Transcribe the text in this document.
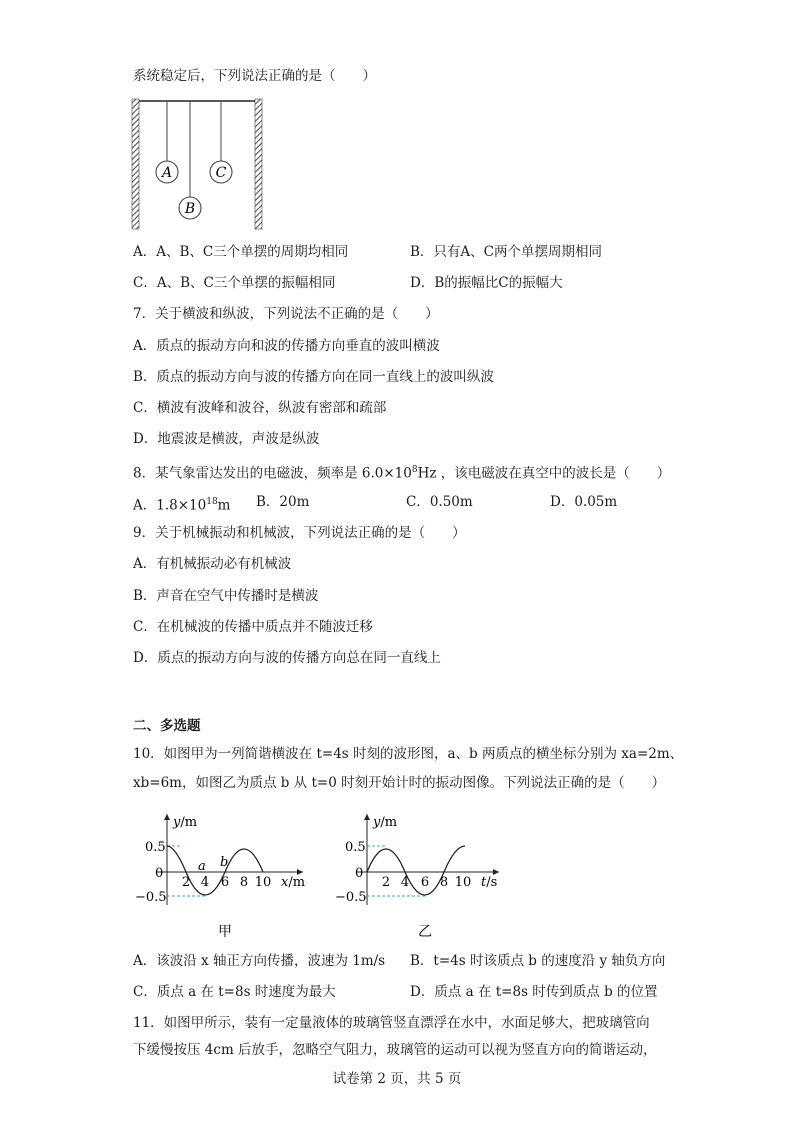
系统稳定后，下列说法正确的是（　　）
A
B
C
A．A、B、C三个单摆的周期均相同	B．只有A、C两个单摆周期相同
C．A、B、C三个单摆的振幅相同	D．B的振幅比C的振幅大
7．关于横波和纵波，下列说法不正确的是（　　）
A．质点的振动方向和波的传播方向垂直的波叫横波
B．质点的振动方向与波的传播方向在同一直线上的波叫纵波
C．横波有波峰和波谷，纵波有密部和疏部
D．地震波是横波，声波是纵波
8．某气象雷达发出的电磁波，频率是 $6.0\times 10^8Hz$ ，该电磁波在真空中的波长是（　　）
A．$1.8\times 10^{18}m$ B．20m	C．0.50m	D．0.05m
9．关于机械振动和机械波，下列说法正确的是（　　）
A．有机械振动必有机械波
B．声音在空气中传播时是横波
C．在机械波的传播中质点并不随波迁移
D．质点的振动方向与波的传播方向总在同一直线上
二、多选题
10．如图甲为一列简谐横波在 t=4s 时刻的波形图，a、b 两质点的横坐标分别为 xa=2m、
xb=6m，如图乙为质点 b 从 t=0 时刻开始计时的振动图像。下列说法正确的是（　　）
y/m
0.5
0
−0.5
2 4 6 8 10 x/m
a b
甲
y/m
0.5
0
−0.5
2 4 6 8 10 t/s
乙
A．该波沿 x 轴正方向传播，波速为 1m/s B．t=4s 时该质点 b 的速度沿 y 轴负方向
C．质点 a 在 t=8s 时速度为最大	D．质点 a 在 t=8s 时传到质点 b 的位置
11．如图甲所示，装有一定量液体的玻璃管竖直漂浮在水中，水面足够大，把玻璃管向
下缓慢按压 4cm 后放手，忽略空气阻力，玻璃管的运动可以视为竖直方向的简谐运动，
试卷第 2 页，共 5 页
